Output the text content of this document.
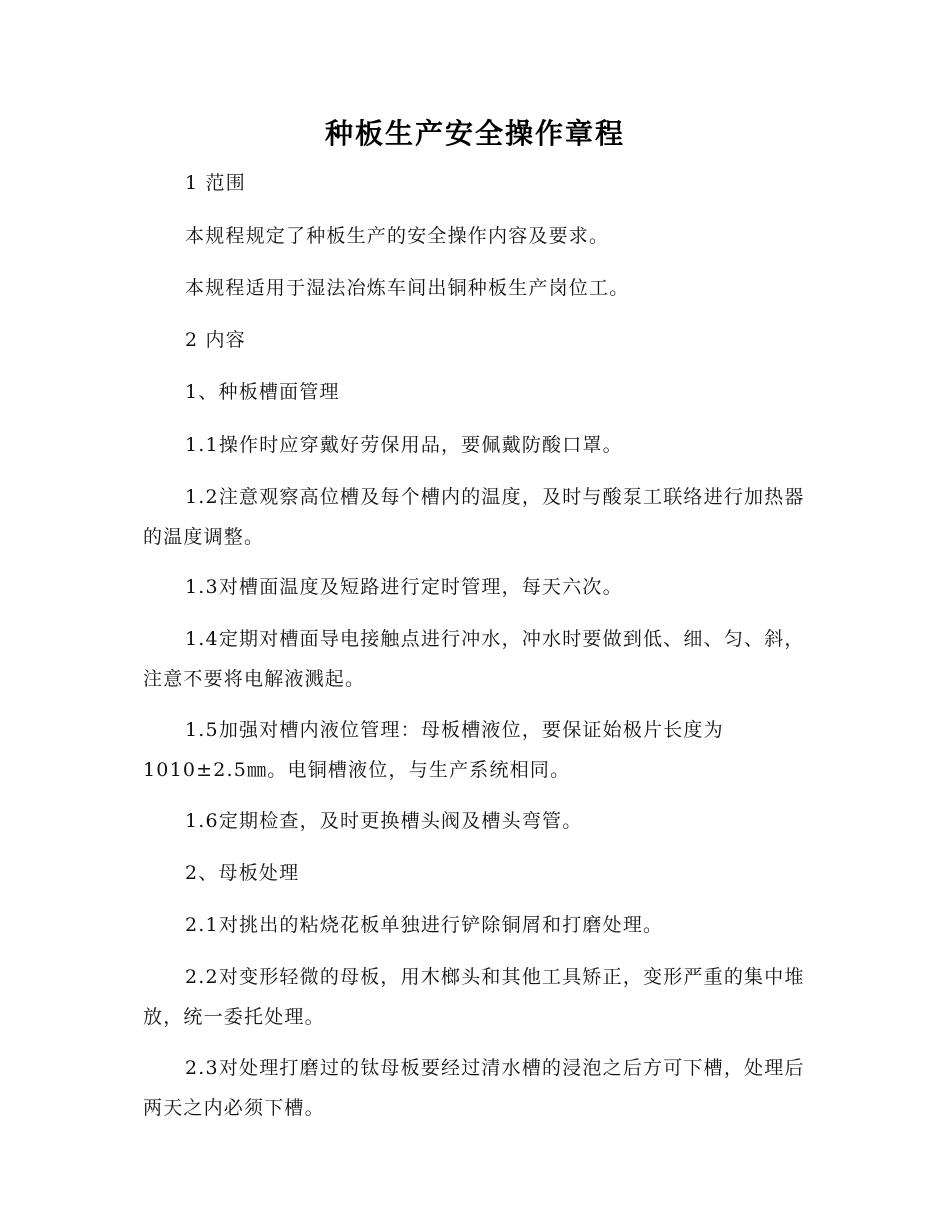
种板生产安全操作章程
1 范围
本规程规定了种板生产的安全操作内容及要求。
本规程适用于湿法冶炼车间出铜种板生产岗位工。
2 内容
1、种板槽面管理
1.1操作时应穿戴好劳保用品，要佩戴防酸口罩。
1.2注意观察高位槽及每个槽内的温度，及时与酸泵工联络进行加热器的温度调整。
1.3对槽面温度及短路进行定时管理，每天六次。
1.4定期对槽面导电接触点进行冲水，冲水时要做到低、细、匀、斜，注意不要将电解液溅起。
1.5加强对槽内液位管理：母板槽液位，要保证始极片长度为1010±2.5㎜。电铜槽液位，与生产系统相同。
1.6定期检查，及时更换槽头阀及槽头弯管。
2、母板处理
2.1对挑出的粘烧花板单独进行铲除铜屑和打磨处理。
2.2对变形轻微的母板，用木榔头和其他工具矫正，变形严重的集中堆放，统一委托处理。
2.3对处理打磨过的钛母板要经过清水槽的浸泡之后方可下槽，处理后两天之内必须下槽。
